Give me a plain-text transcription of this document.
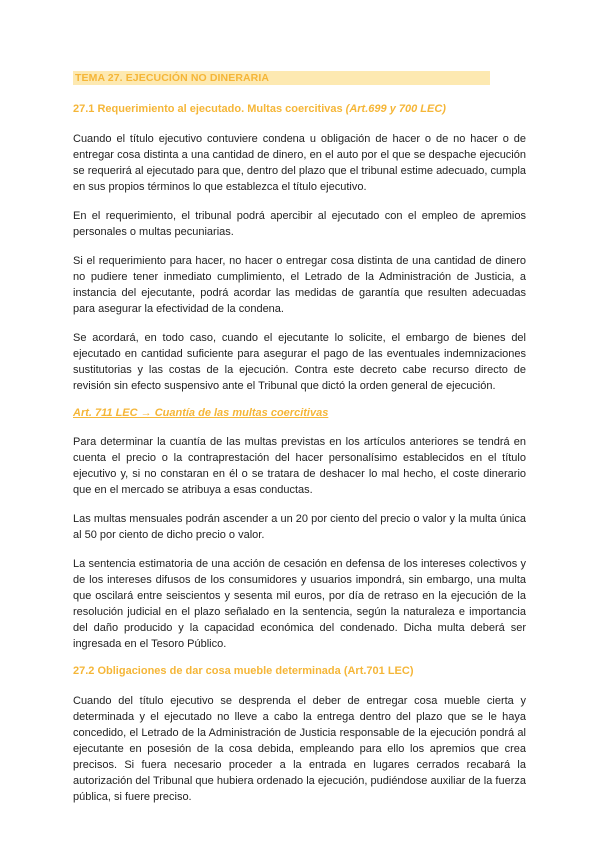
TEMA 27. EJECUCIÓN NO DINERARIA
27.1 Requerimiento al ejecutado. Multas coercitivas (Art.699 y 700 LEC)

Cuando el título ejecutivo contuviere condena u obligación de hacer o de no hacer o de entregar cosa distinta a una cantidad de dinero, en el auto por el que se despache ejecución se requerirá al ejecutado para que, dentro del plazo que el tribunal estime adecuado, cumpla en sus propios términos lo que establezca el título ejecutivo.

En el requerimiento, el tribunal podrá apercibir al ejecutado con el empleo de apremios personales o multas pecuniarias.

Si el requerimiento para hacer, no hacer o entregar cosa distinta de una cantidad de dinero no pudiere tener inmediato cumplimiento, el Letrado de la Administración de Justicia, a instancia del ejecutante, podrá acordar las medidas de garantía que resulten adecuadas para asegurar la efectividad de la condena.

Se acordará, en todo caso, cuando el ejecutante lo solicite, el embargo de bienes del ejecutado en cantidad suficiente para asegurar el pago de las eventuales indemnizaciones sustitutorias y las costas de la ejecución. Contra este decreto cabe recurso directo de revisión sin efecto suspensivo ante el Tribunal que dictó la orden general de ejecución.

Art. 711 LEC → Cuantía de las multas coercitivas

Para determinar la cuantía de las multas previstas en los artículos anteriores se tendrá en cuenta el precio o la contraprestación del hacer personalísimo establecidos en el título ejecutivo y, si no constaran en él o se tratara de deshacer lo mal hecho, el coste dinerario que en el mercado se atribuya a esas conductas.

Las multas mensuales podrán ascender a un 20 por ciento del precio o valor y la multa única al 50 por ciento de dicho precio o valor.

La sentencia estimatoria de una acción de cesación en defensa de los intereses colectivos y de los intereses difusos de los consumidores y usuarios impondrá, sin embargo, una multa que oscilará entre seiscientos y sesenta mil euros, por día de retraso en la ejecución de la resolución judicial en el plazo señalado en la sentencia, según la naturaleza e importancia del daño producido y la capacidad económica del condenado. Dicha multa deberá ser ingresada en el Tesoro Público.

27.2 Obligaciones de dar cosa mueble determinada (Art.701 LEC)

Cuando del título ejecutivo se desprenda el deber de entregar cosa mueble cierta y determinada y el ejecutado no lleve a cabo la entrega dentro del plazo que se le haya concedido, el Letrado de la Administración de Justicia responsable de la ejecución pondrá al ejecutante en posesión de la cosa debida, empleando para ello los apremios que crea precisos. Si fuera necesario proceder a la entrada en lugares cerrados recabará la autorización del Tribunal que hubiera ordenado la ejecución, pudiéndose auxiliar de la fuerza pública, si fuere preciso.
